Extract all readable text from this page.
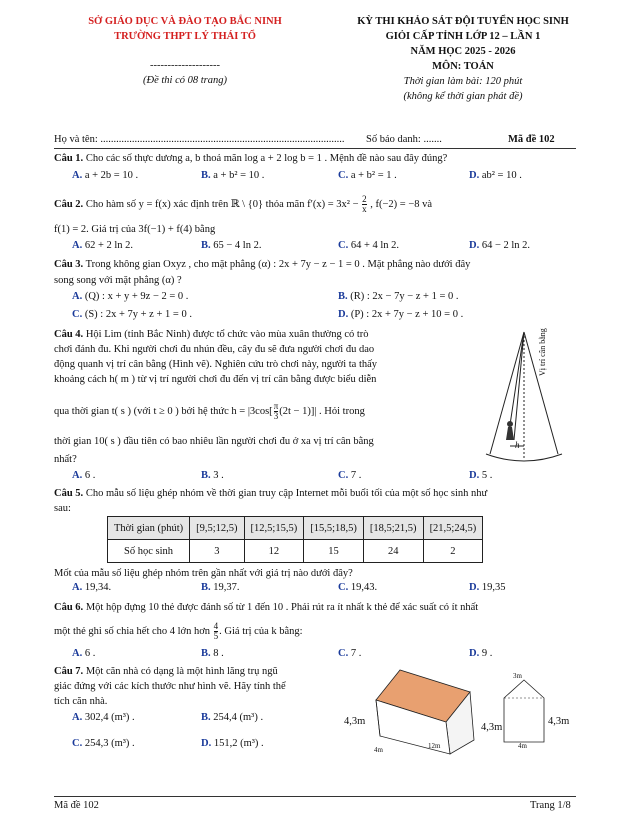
SỞ GIÁO DỤC VÀ ĐÀO TẠO BẮC NINH
TRƯỜNG THPT LÝ THÁI TỔ
--------------------
(Đề thi có 08 trang)
KỲ THI KHẢO SÁT ĐỘI TUYỂN HỌC SINH
GIỎI CẤP TỈNH LỚP 12 – LẦN 1
NĂM HỌC 2025 - 2026
MÔN: TOÁN
Thời gian làm bài: 120 phút
(không kể thời gian phát đề)
Họ và tên: ............................................................................................. Số báo danh: .......	Mã đề 102
Câu 1. Cho các số thực dương a, b thoả mãn log a + 2 log b = 1 . Mệnh đề nào sau đây đúng?
A. a + 2b = 10 .	B. a + b² = 10 .	C. a + b² = 1 .	D. ab² = 10 .
Câu 2. Cho hàm số y = f(x) xác định trên ℝ \ {0} thỏa mãn $f'(x) = 3x^2 - \frac{2}{x}$ , f(−2) = −8 và
f(1) = 2. Giá trị của 3f(−1) + f(4) bằng
A. 62 + 2 ln 2.	B. 65 − 4 ln 2.	C. 64 + 4 ln 2.	D. 64 − 2 ln 2.
Câu 3. Trong không gian Oxyz , cho mặt phẳng (α) : 2x + 7y − z − 1 = 0 . Mặt phẳng nào dưới đây
song song với mặt phẳng (α) ?
A. (Q) : x + y + 9z − 2 = 0 .	B. (R) : 2x − 7y − z + 1 = 0 .
C. (S) : 2x + 7y + z + 1 = 0 .	D. (P) : 2x + 7y − z + 10 = 0 .
Câu 4. Hội Lim (tỉnh Bắc Ninh) được tổ chức vào mùa xuân thường có trò
chơi đánh đu. Khi người chơi đu nhún đều, cây đu sẽ đưa người chơi đu dao
động quanh vị trí cân bằng (Hình vẽ). Nghiên cứu trò chơi này, người ta thấy
khoảng cách h( m ) từ vị trí người chơi đu đến vị trí cân bằng được biểu diễn
qua thời gian t( s ) (với t ≥ 0 ) bởi hệ thức $h = |3\cos[ \frac{\pi}{3} (2t - 1)]|$ . Hỏi trong
thời gian 10( s ) đầu tiên có bao nhiêu lần người chơi đu ở xa vị trí cân bằng
nhất?
Vị trí cân bằng
h
A. 6 .	B. 3 .	C. 7 .	D. 5 .
Câu 5. Cho mẫu số liệu ghép nhóm về thời gian truy cập Internet mỗi buổi tối của một số học sinh như
sau:
Thời gian (phút)	[9,5;12,5)	[12,5;15,5)	[15,5;18,5)	[18,5;21,5)	[21,5;24,5)
Số học sinh	3	12	15	24	2
Mốt của mẫu số liệu ghép nhóm trên gần nhất với giá trị nào dưới đây?
A. 19,34.	B. 19,37.	C. 19,43.	D. 19,35
Câu 6. Một hộp đựng 10 thẻ được đánh số từ 1 đến 10 . Phải rút ra ít nhất k thẻ để xác suất có ít nhất
một thẻ ghi số chia hết cho 4 lớn hơn $\frac{4}{5}$ . Giá trị của k bằng:
A. 6 .	B. 8 .	C. 7 .	D. 9 .
Câu 7. Một căn nhà có dạng là một hình lăng trụ ngũ
giác đứng với các kích thước như hình vẽ. Hãy tính thể
tích căn nhà.
A. 302,4 (m³) .	B. 254,4 (m³) .
C. 254,3 (m³) .	D. 151,2 (m³) .
4,3m
12m
4m
3m
4,3m
4,3m
4m
Mã đề 102	Trang 1/8
